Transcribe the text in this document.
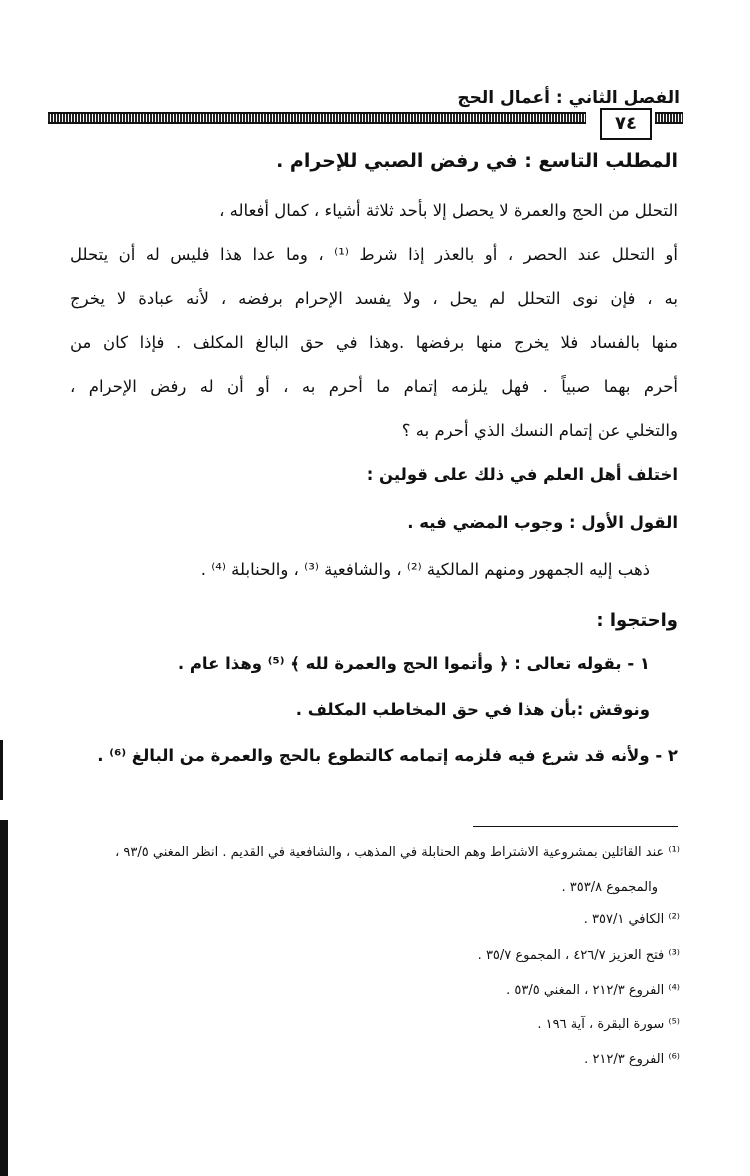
الفصل الثاني : أعمال الحج
٧٤
المطلب التاسع : في رفض الصبي للإحرام .
التحلل من الحج والعمرة لا يحصل إلا بأحد ثلاثة أشياء ، كمال أفعاله ،
أو التحلل عند الحصر ، أو بالعذر إذا شرط ⁽¹⁾ ، وما عدا هذا فليس له أن يتحلل
به ، فإن نوى التحلل لم يحل ، ولا يفسد الإحرام برفضه ، لأنه عبادة لا يخرج
منها بالفساد فلا يخرج منها برفضها .وهذا في حق البالغ المكلف . فإذا كان من
أحرم بهما صبياً . فهل يلزمه إتمام ما أحرم به ، أو أن له رفض الإحرام ،
والتخلي عن إتمام النسك الذي أحرم به ؟
اختلف أهل العلم في ذلك على قولين :
القول الأول : وجوب المضي فيه .
ذهب إليه الجمهور ومنهم المالكية ⁽²⁾ ، والشافعية ⁽³⁾ ، والحنابلة ⁽⁴⁾ .
واحتجوا :
١ - بقوله تعالى : ﴿ وأتموا الحج والعمرة لله ﴾ ⁽⁵⁾ وهذا عام .
ونوقش :بأن هذا في حق المخاطب المكلف .
٢ - ولأنه قد شرع فيه فلزمه إتمامه كالتطوع بالحج والعمرة من البالغ ⁽⁶⁾ .
⁽¹⁾ عند القائلين بمشروعية الاشتراط وهم الحنابلة في المذهب ، والشافعية في القديم . انظر المغني ٩٣/٥ ،
والمجموع ٣٥٣/٨ .
⁽²⁾ الكافي ٣٥٧/١ .
⁽³⁾ فتح العزيز ٤٢٦/٧ ، المجموع ٣٥/٧ .
⁽⁴⁾ الفروع ٢١٢/٣ ، المغني ٥٣/٥ .
⁽⁵⁾ سورة البقرة ، آية ١٩٦ .
⁽⁶⁾ الفروع ٢١٢/٣ .
